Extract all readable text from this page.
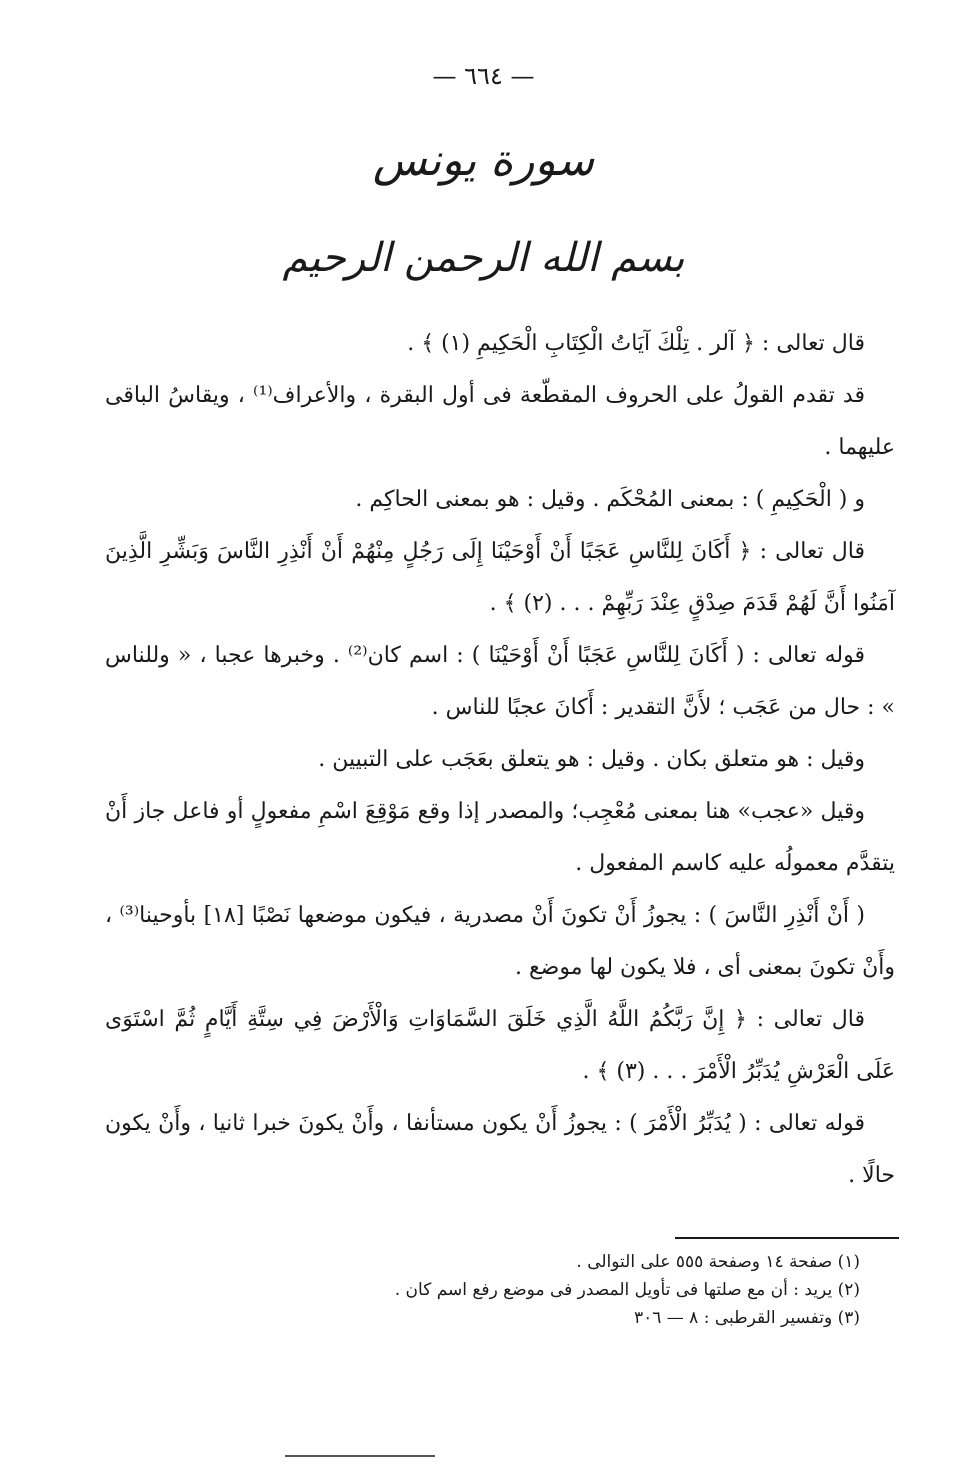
— ٦٦٤ —
سورة يونس
بسم الله الرحمن الرحيم

قال تعالى : ﴿ آلر . تِلْكَ آيَاتُ الْكِتَابِ الْحَكِيمِ (١) ﴾ .

قد تقدم القولُ على الحروف المقطّعة فى أول البقرة ، والأعراف⁽¹⁾ ، ويقاسُ الباقى عليهما .

و ( الْحَكِيمِ ) : بمعنى المُحْكَم . وقيل : هو بمعنى الحاكِم .

قال تعالى : ﴿ أَكَانَ لِلنَّاسِ عَجَبًا أَنْ أَوْحَيْنَا إِلَى رَجُلٍ مِنْهُمْ أَنْ أَنْذِرِ النَّاسَ وَبَشِّرِ الَّذِينَ آمَنُوا أَنَّ لَهُمْ قَدَمَ صِدْقٍ عِنْدَ رَبِّهِمْ . . . (٢) ﴾ .

قوله تعالى : ( أَكَانَ لِلنَّاسِ عَجَبًا أَنْ أَوْحَيْنَا ) : اسم كان⁽²⁾ . وخبرها عجبا ، « وللناس » : حال من عَجَب ؛ لأَنَّ التقدير : أَكانَ عجبًا للناس .

وقيل : هو متعلق بكان . وقيل : هو يتعلق بعَجَب على التبيين .

وقيل «عجب» هنا بمعنى مُعْجِب؛ والمصدر إذا وقع مَوْقِعَ اسْمِ مفعولٍ أو فاعل جاز أَنْ يتقدَّم معمولُه عليه كاسم المفعول .

( أَنْ أَنْذِرِ النَّاسَ ) : يجوزُ أَنْ تكونَ أَنْ مصدرية ، فيكون موضعها نَصْبًا [١٨] بأوحينا⁽³⁾ ، وأَنْ تكونَ بمعنى أى ، فلا يكون لها موضع .

قال تعالى : ﴿ إِنَّ رَبَّكُمُ اللَّهُ الَّذِي خَلَقَ السَّمَاوَاتِ وَالْأَرْضَ فِي سِتَّةِ أَيَّامٍ ثُمَّ اسْتَوَى عَلَى الْعَرْشِ يُدَبِّرُ الْأَمْرَ . . . (٣) ﴾ .

قوله تعالى : ( يُدَبِّرُ الْأَمْرَ ) : يجوزُ أَنْ يكون مستأنفا ، وأَنْ يكونَ خبرا ثانيا ، وأَنْ يكون حالًا .

(١) صفحة ١٤ وصفحة ٥٥٥ على التوالى .

(٢) يريد : أن مع صلتها فى تأويل المصدر فى موضع رفع اسم كان .

(٣) وتفسير القرطبى : ٨ — ٣٠٦
